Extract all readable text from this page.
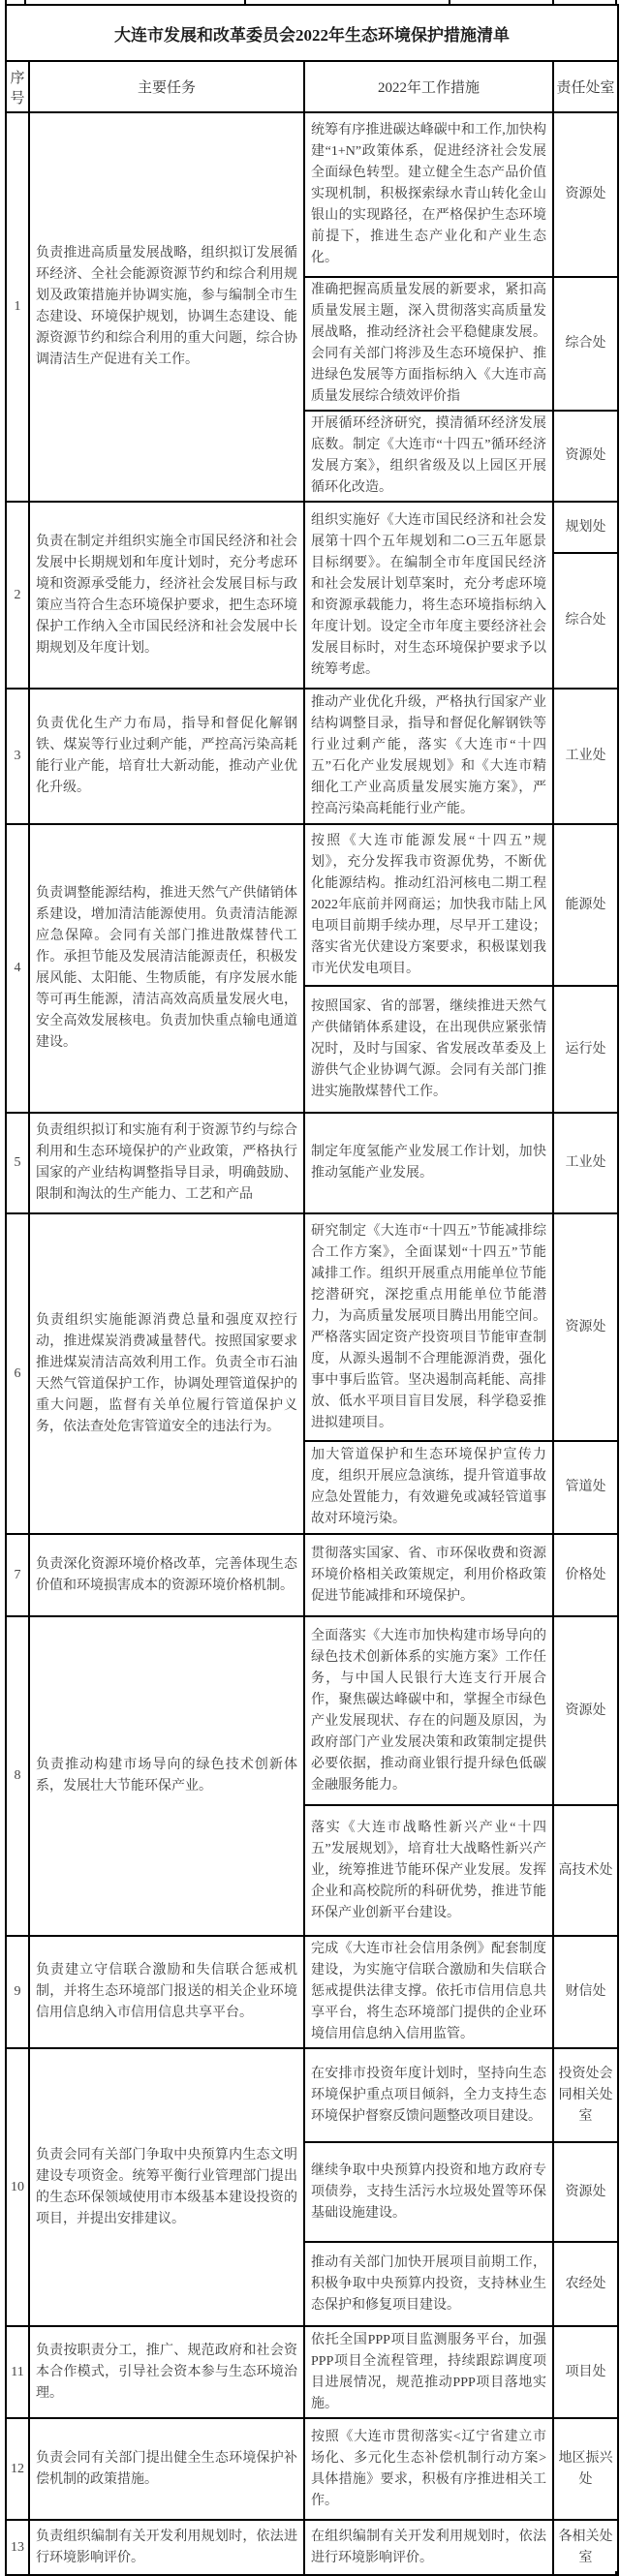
大连市发展和改革委员会2022年生态环境保护措施清单			
序号	主要任务	2022年工作措施	责任处室
1	负责推进高质量发展战略，组织拟订发展循环经济、全社会能源资源节约和综合利用规划及政策措施并协调实施，参与编制全市生态建设、环境保护规划，协调生态建设、能源资源节约和综合利用的重大问题，综合协调清洁生产促进有关工作。	统筹有序推进碳达峰碳中和工作,加快构建“1+N”政策体系，促进经济社会发展全面绿色转型。建立健全生态产品价值实现机制，积极探索绿水青山转化金山银山的实现路径，在严格保护生态环境前提下，推进生态产业化和产业生态化。	资源处
		准确把握高质量发展的新要求，紧扣高质量发展主题，深入贯彻落实高质量发展战略，推动经济社会平稳健康发展。会同有关部门将涉及生态环境保护、推进绿色发展等方面指标纳入《大连市高质量发展综合绩效评价指	综合处
		开展循环经济研究，摸清循环经济发展底数。制定《大连市“十四五”循环经济发展方案》，组织省级及以上园区开展循环化改造。	资源处
2	负责在制定并组织实施全市国民经济和社会发展中长期规划和年度计划时，充分考虑环境和资源承受能力，经济社会发展目标与政策应当符合生态环境保护要求，把生态环境保护工作纳入全市国民经济和社会发展中长期规划及年度计划。	组织实施好《大连市国民经济和社会发展第十四个五年规划和二O三五年愿景目标纲要》。在编制全市年度国民经济和社会发展计划草案时，充分考虑环境和资源承载能力，将生态环境指标纳入年度计划。设定全市年度主要经济社会发展目标时，对生态环境保护要求予以统筹考虑。	规划处
			综合处
3	负责优化生产力布局，指导和督促化解钢铁、煤炭等行业过剩产能，严控高污染高耗能行业产能，培育壮大新动能，推动产业优化升级。	推动产业优化升级，严格执行国家产业结构调整目录，指导和督促化解钢铁等行业过剩产能，落实《大连市“十四五”石化产业发展规划》和《大连市精细化工产业高质量发展实施方案》，严控高污染高耗能行业产能。	工业处
4	负责调整能源结构，推进天然气产供储销体系建设，增加清洁能源使用。负责清洁能源应急保障。会同有关部门推进散煤替代工作。承担节能及发展清洁能源责任，积极发展风能、太阳能、生物质能，有序发展水能等可再生能源，清洁高效高质量发展火电，安全高效发展核电。负责加快重点输电通道建设。	按照《大连市能源发展“十四五”规划》，充分发挥我市资源优势，不断优化能源结构。推动红沿河核电二期工程2022年底前并网商运；加快我市陆上风电项目前期手续办理，尽早开工建设；落实省光伏建设方案要求，积极谋划我市光伏发电项目。	能源处
		按照国家、省的部署，继续推进天然气产供储销体系建设，在出现供应紧张情况时，及时与国家、省发展改革委及上游供气企业协调气源。会同有关部门推进实施散煤替代工作。	运行处
5	负责组织拟订和实施有利于资源节约与综合利用和生态环境保护的产业政策，严格执行国家的产业结构调整指导目录，明确鼓励、限制和淘汰的生产能力、工艺和产品	制定年度氢能产业发展工作计划，加快推动氢能产业发展。	工业处
6	负责组织实施能源消费总量和强度双控行动，推进煤炭消费减量替代。按照国家要求推进煤炭清洁高效利用工作。负责全市石油天然气管道保护工作，协调处理管道保护的重大问题，监督有关单位履行管道保护义务，依法查处危害管道安全的违法行为。	研究制定《大连市“十四五”节能减排综合工作方案》，全面谋划“十四五”节能减排工作。组织开展重点用能单位节能挖潜研究，深挖重点用能单位节能潜力，为高质量发展项目腾出用能空间。严格落实固定资产投资项目节能审查制度，从源头遏制不合理能源消费，强化事中事后监管。坚决遏制高耗能、高排放、低水平项目盲目发展，科学稳妥推进拟建项目。	资源处
		加大管道保护和生态环境保护宣传力度，组织开展应急演练，提升管道事故应急处置能力，有效避免或减轻管道事故对环境污染。	管道处
7	负责深化资源环境价格改革，完善体现生态价值和环境损害成本的资源环境价格机制。	贯彻落实国家、省、市环保收费和资源环境价格相关政策规定，利用价格政策促进节能减排和环境保护。	价格处
8	负责推动构建市场导向的绿色技术创新体系，发展壮大节能环保产业。	全面落实《大连市加快构建市场导向的绿色技术创新体系的实施方案》工作任务，与中国人民银行大连支行开展合作，聚焦碳达峰碳中和，掌握全市绿色产业发展现状、存在的问题及原因，为政府部门产业发展决策和政策制定提供必要依据，推动商业银行提升绿色低碳金融服务能力。	资源处
		落实《大连市战略性新兴产业“十四五”发展规划》，培育壮大战略性新兴产业，统筹推进节能环保产业发展。发挥企业和高校院所的科研优势，推进节能环保产业创新平台建设。	高技术处
9	负责建立守信联合激励和失信联合惩戒机制，并将生态环境部门报送的相关企业环境信用信息纳入市信用信息共享平台。	完成《大连市社会信用条例》配套制度建设，为实施守信联合激励和失信联合惩戒提供法律支撑。依托市信用信息共享平台，将生态环境部门提供的企业环境信用信息纳入信用监管。	财信处
10	负责会同有关部门争取中央预算内生态文明建设专项资金。统筹平衡行业管理部门提出的生态环保领域使用市本级基本建设投资的项目，并提出安排建议。	在安排市投资年度计划时，坚持向生态环境保护重点项目倾斜，全力支持生态环境保护督察反馈问题整改项目建设。	投资处会同相关处室
		继续争取中央预算内投资和地方政府专项债券，支持生活污水垃圾处置等环保基础设施建设。	资源处
		推动有关部门加快开展项目前期工作，积极争取中央预算内投资，支持林业生态保护和修复项目建设。	农经处
11	负责按职责分工，推广、规范政府和社会资本合作模式，引导社会资本参与生态环境治理。	依托全国PPP项目监测服务平台，加强PPP项目全流程管理，持续跟踪调度项目进展情况，规范推动PPP项目落地实施。	项目处
12	负责会同有关部门提出健全生态环境保护补偿机制的政策措施。	按照《大连市贯彻落实<辽宁省建立市场化、多元化生态补偿机制行动方案>具体措施》要求，积极有序推进相关工作。	地区振兴处
13	负责组织编制有关开发利用规划时，依法进行环境影响评价。	在组织编制有关开发利用规划时，依法进行环境影响评价。	各相关处室
